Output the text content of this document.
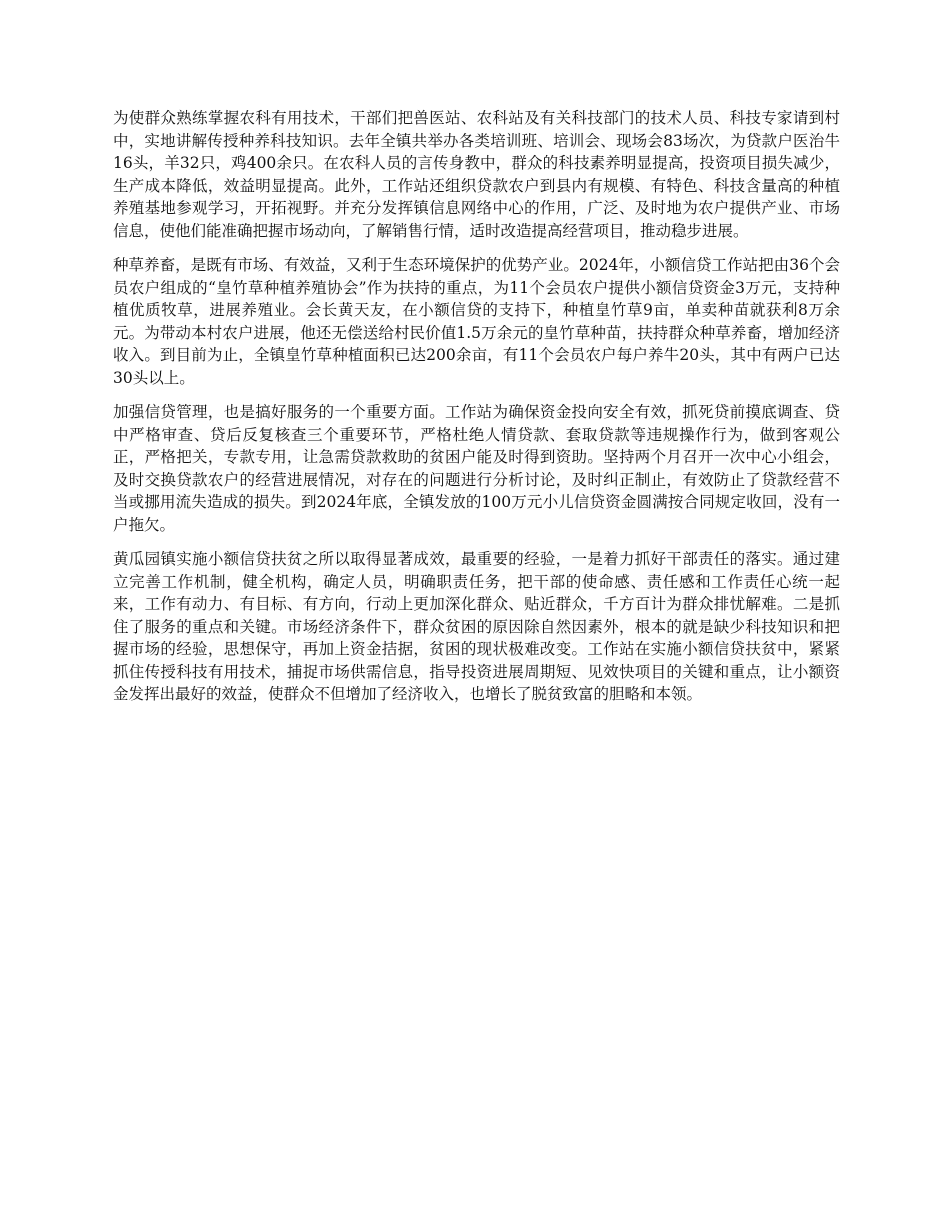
为使群众熟练掌握农科有用技术，干部们把兽医站、农科站及有关科技部门的技术人员、科技专家请到村中，实地讲解传授种养科技知识。去年全镇共举办各类培训班、培训会、现场会83场次，为贷款户医治牛16头，羊32只，鸡400余只。在农科人员的言传身教中，群众的科技素养明显提高，投资项目损失减少，生产成本降低，效益明显提高。此外，工作站还组织贷款农户到县内有规模、有特色、科技含量高的种植养殖基地参观学习，开拓视野。并充分发挥镇信息网络中心的作用，广泛、及时地为农户提供产业、市场信息，使他们能准确把握市场动向，了解销售行情，适时改造提高经营项目，推动稳步进展。

种草养畜，是既有市场、有效益，又利于生态环境保护的优势产业。2024年，小额信贷工作站把由36个会员农户组成的“皇竹草种植养殖协会”作为扶持的重点，为11个会员农户提供小额信贷资金3万元，支持种植优质牧草，进展养殖业。会长黄天友，在小额信贷的支持下，种植皇竹草9亩，单卖种苗就获利8万余元。为带动本村农户进展，他还无偿送给村民价值1.5万余元的皇竹草种苗，扶持群众种草养畜，增加经济收入。到目前为止，全镇皇竹草种植面积已达200余亩，有11个会员农户每户养牛20头，其中有两户已达30头以上。

加强信贷管理，也是搞好服务的一个重要方面。工作站为确保资金投向安全有效，抓死贷前摸底调查、贷中严格审查、贷后反复核查三个重要环节，严格杜绝人情贷款、套取贷款等违规操作行为，做到客观公正，严格把关，专款专用，让急需贷款救助的贫困户能及时得到资助。坚持两个月召开一次中心小组会，及时交换贷款农户的经营进展情况，对存在的问题进行分析讨论，及时纠正制止，有效防止了贷款经营不当或挪用流失造成的损失。到2024年底，全镇发放的100万元小儿信贷资金圆满按合同规定收回，没有一户拖欠。

黄瓜园镇实施小额信贷扶贫之所以取得显著成效，最重要的经验，一是着力抓好干部责任的落实。通过建立完善工作机制，健全机构，确定人员，明确职责任务，把干部的使命感、责任感和工作责任心统一起来，工作有动力、有目标、有方向，行动上更加深化群众、贴近群众，千方百计为群众排忧解难。二是抓住了服务的重点和关键。市场经济条件下，群众贫困的原因除自然因素外，根本的就是缺少科技知识和把握市场的经验，思想保守，再加上资金拮据，贫困的现状极难改变。工作站在实施小额信贷扶贫中，紧紧抓住传授科技有用技术，捕捉市场供需信息，指导投资进展周期短、见效快项目的关键和重点，让小额资金发挥出最好的效益，使群众不但增加了经济收入，也增长了脱贫致富的胆略和本领。
